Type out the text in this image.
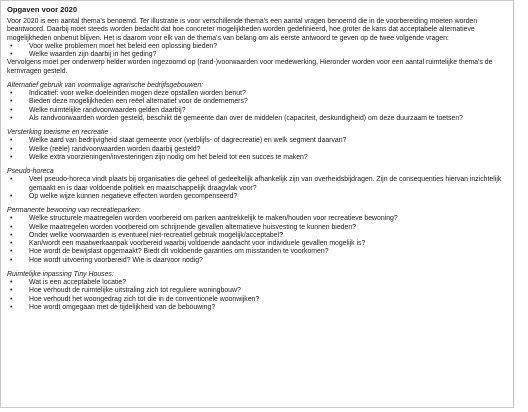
Opgaven voor 2020

Voor 2020 is een aantal thema's benoemd. Ter illustratie is voor verschillende thema's een aantal vragen benoemd die in de voorbereiding moeten worden beantwoord. Daarbij moet steeds worden bedacht dat hoe concreter mogelijkheden worden gedefinieerd, hoe groter de kans dat acceptabele alternatieve mogelijkheden onbenut blijven. Het is daarom voor elk van de thema's van belang om als eerste antwoord te geven op de twee volgende vragen:

• Voor welke problemen moet het beleid een oplossing bieden?
• Welke waarden zijn daarbij in het geding?

Vervolgens moet per onderwerp helder worden ingezoomd op (rand-)voorwaarden voor medewerking. Hieronder worden voor een aantal ruimtelijke thema's de kernvragen gesteld.

Alternatief gebruik van voormalige agrarische bedrijfsgebouwen:
• Indicatief: voor welke doeleinden mogen deze opstallen worden benut?
• Bieden deze mogelijkheden een reëel alternatief voor de ondernemers?
• Welke ruimtelijke randvoorwaarden gelden daarbij?
• Als randvoorwaarden worden gesteld, beschikt de gemeente dan over de middelen (capaciteit, deskundigheid) om deze duurzaam te toetsen?
Versterking toerisme en recreatie
• Welke aard van bedrijvigheid staat gemeente voor (verblijfs- of dagrecreatie) en welk segment daarvan?
• Welke (reële) randvoorwaarden worden daarbij gesteld?
• Welke extra voorzieningen/investeringen zijn nodig om het beleid tot een succes te maken?
Pseudo-horeca
• Veel pseudo-horeca vindt plaats bij organisaties die geheel of gedeeltelijk afhankelijk zijn van overheidsbijdragen. Zijn de consequenties hiervan inzichtelijk gemaakt en is daar voldoende politiek en maatschappelijk draagvlak voor?
• Op welke wijze kunnen negatieve effecten worden gecompenseerd?
Permanente bewoning van recreatieparken:
• Welke structurele maatregelen worden voorbereid om parken aantrekkelijk te maken/houden voor recreatieve bewoning?
• Welke maatregelen worden voorbereid om schrijnende gevallen alternatieve huisvesting te kunnen bieden?
• Onder welke voorwaarden is eventueel niet-recreatief gebruik mogelijk/acceptabel?
• Kan/wordt een maatwerkaanpak voorbereid waarbij voldoende aandacht voor individuele gevallen mogelijk is?
• Hoe wordt de bewijslast opgemaakt? Biedt dit voldoende garanties om misstanden te voorkomen?
• Hoe wordt uitvoering voorbereid? Wie is daarvoor nodig?
Ruimtelijke inpassing Tiny Houses:
• Wat is een acceptabele locatie?
• Hoe verhoudt de ruimtelijke uitstraling zich tot reguliere woningbouw?
• Hoe verhoudt het woongedrag zich tot die in de conventionele woonwijken?
• Hoe wordt omgegaan met de tijdelijkheid van de bebouwing?
